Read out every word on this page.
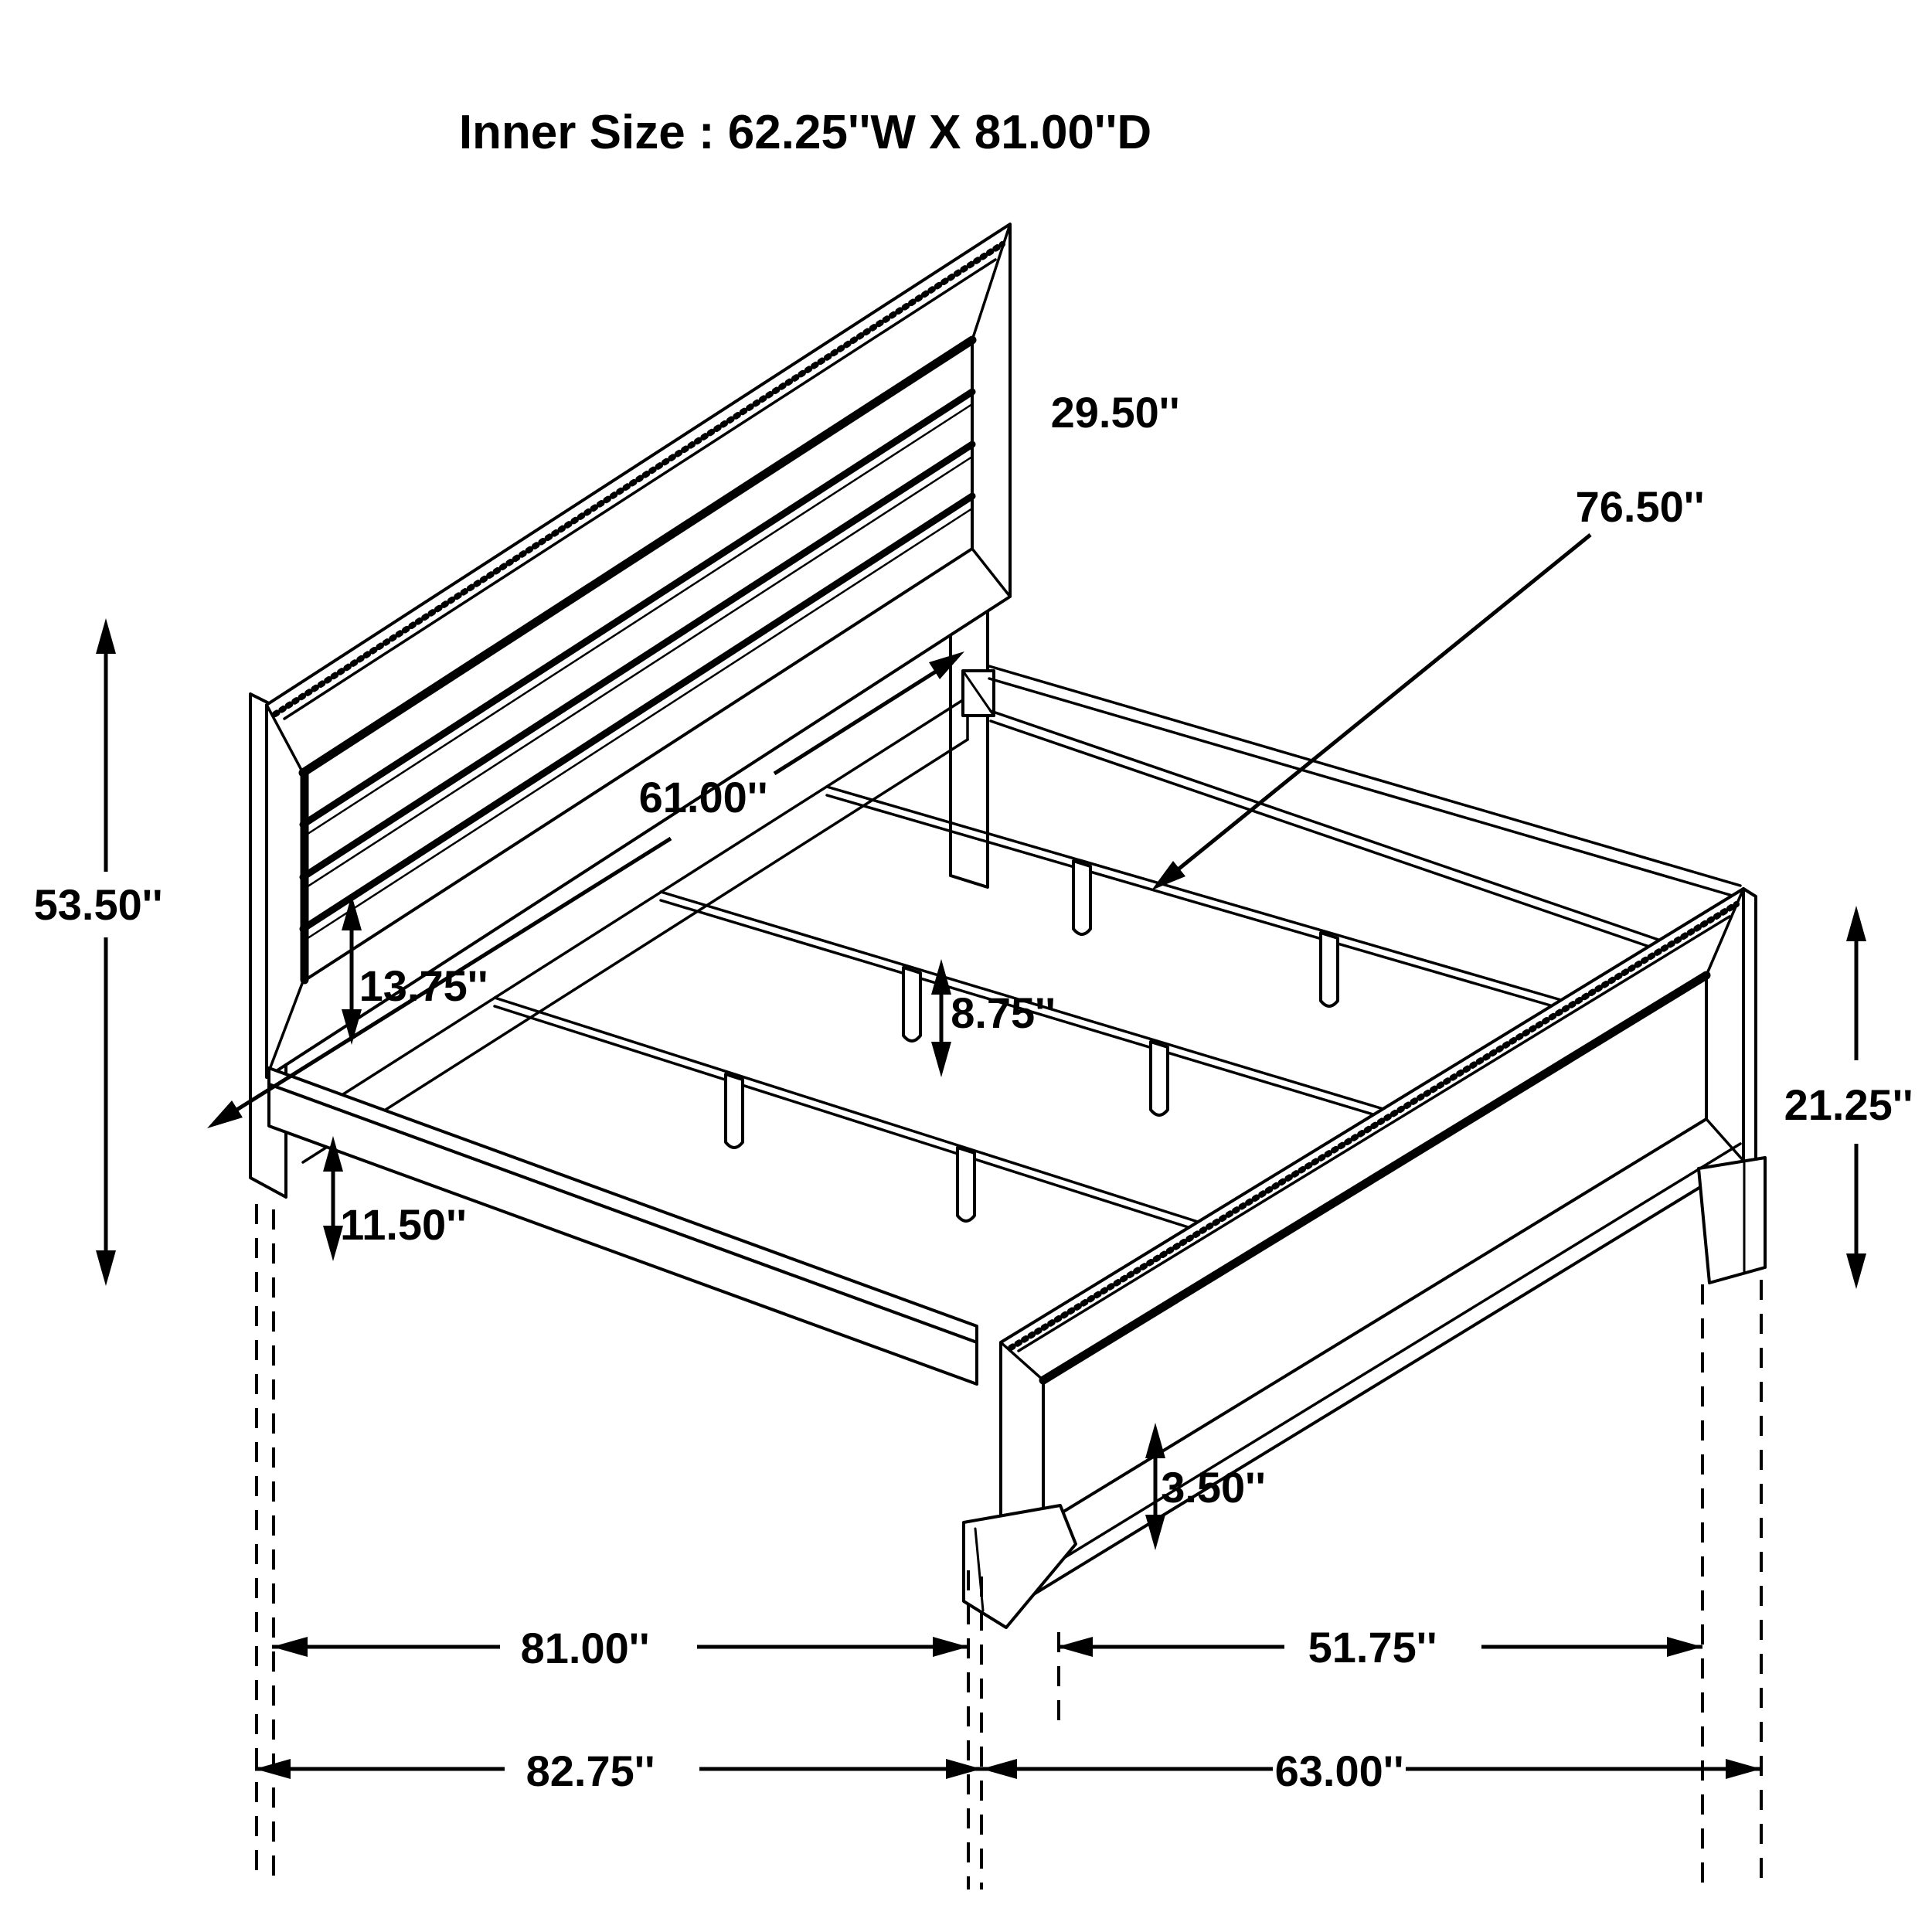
Inner Size : 62.25''W X 81.00''D
53.50''
29.50''
76.50''
61.00''
13.75''
8.75''
11.50''
21.25''
3.50''
81.00''	51.75''
82.75''	63.00''
